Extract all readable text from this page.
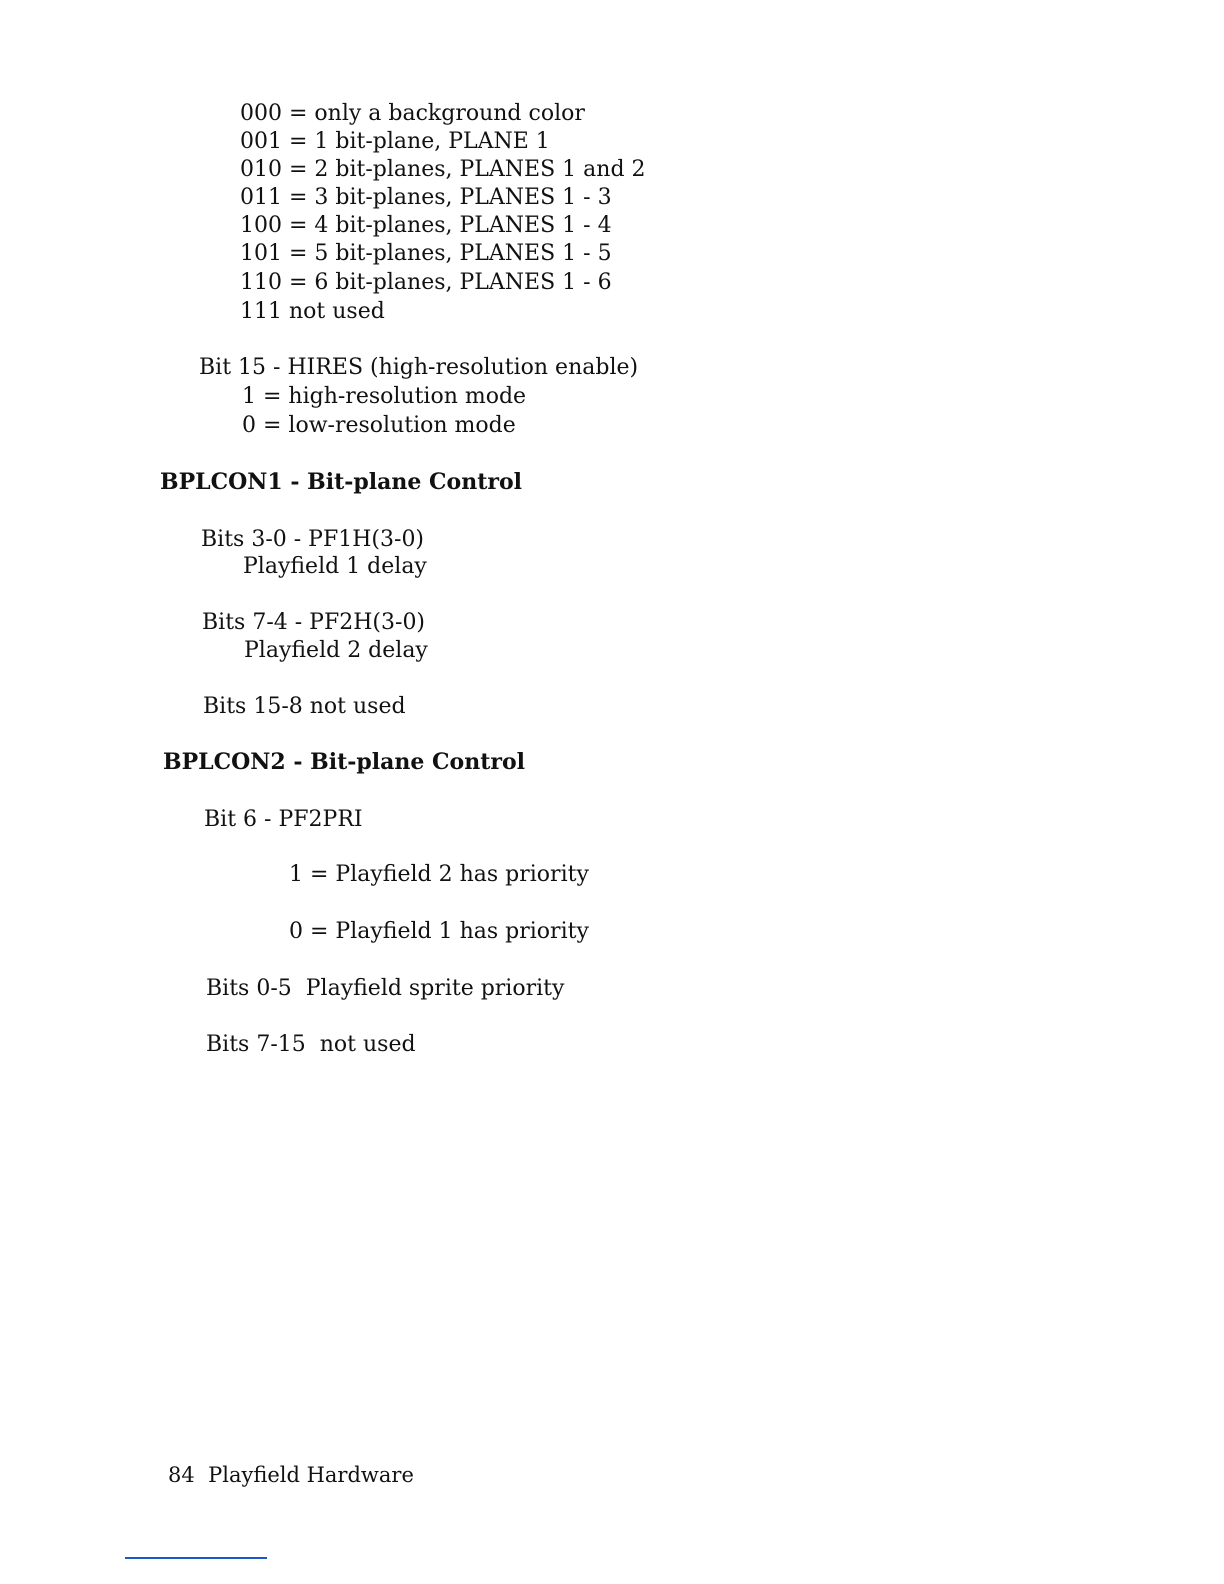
000 = only a background color
001 = 1 bit-plane, PLANE 1
010 = 2 bit-planes, PLANES 1 and 2
011 = 3 bit-planes, PLANES 1 - 3
100 = 4 bit-planes, PLANES 1 - 4
101 = 5 bit-planes, PLANES 1 - 5
110 = 6 bit-planes, PLANES 1 - 6
111 not used
Bit 15 - HIRES (high-resolution enable)
1 = high-resolution mode
0 = low-resolution mode
BPLCON1 - Bit-plane Control
Bits 3-0 - PF1H(3-0)
Playfield 1 delay
Bits 7-4 - PF2H(3-0)
Playfield 2 delay
Bits 15-8 not used
BPLCON2 - Bit-plane Control
Bit 6 - PF2PRI
1 = Playfield 2 has priority
0 = Playfield 1 has priority
Bits 0-5  Playfield sprite priority
Bits 7-15  not used
84 Playfield Hardware
